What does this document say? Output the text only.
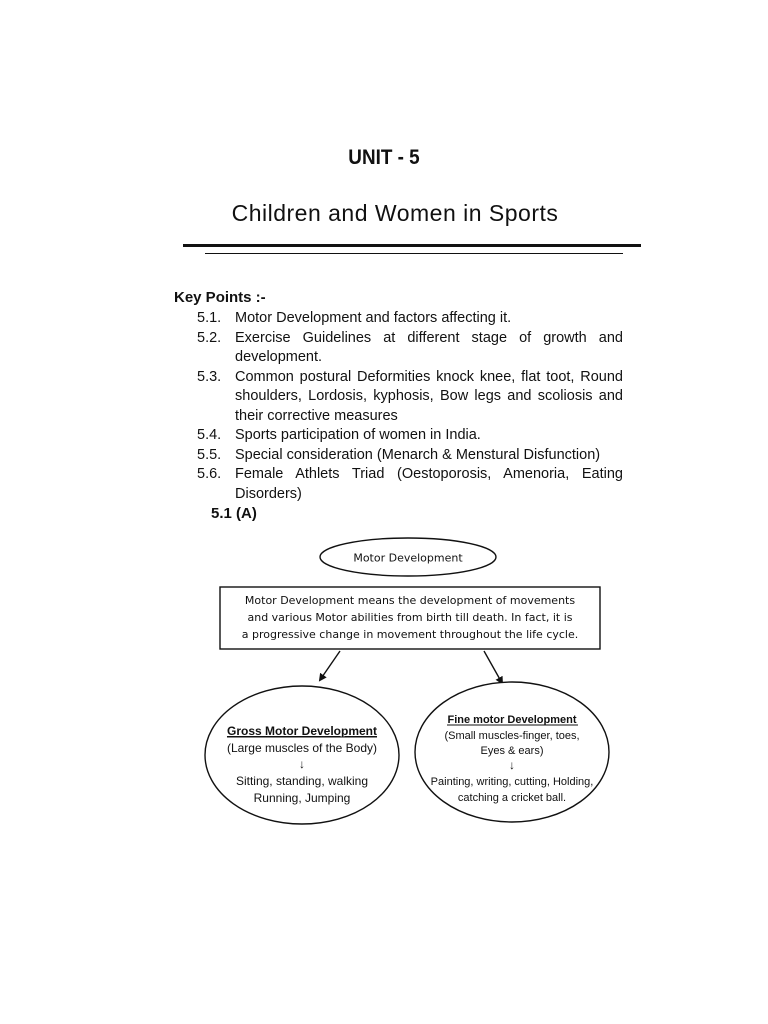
UNIT - 5
Children and Women in Sports
Key Points :-
5.1. Motor Development and factors affecting it.
5.2. Exercise Guidelines at different stage of growth and development.
5.3. Common postural Deformities knock knee, flat toot, Round shoulders, Lordosis, kyphosis, Bow legs and scoliosis and their corrective measures
5.4. Sports participation of women in India.
5.5. Special consideration (Menarch & Menstural Disfunction)
5.6. Female Athlets Triad (Oestoporosis, Amenoria, Eating Disorders)
5.1 (A)
Motor Development
Motor Development means the development of movements
and various Motor abilities from birth till death. In fact, it is
a progressive change in movement throughout the life cycle.
Gross Motor Development
(Large muscles of the Body)
↓
Sitting, standing, walking
Running, Jumping
Fine motor Development
(Small muscles-finger, toes,
Eyes & ears)
↓
Painting, writing, cutting, Holding,
catching a cricket ball.
